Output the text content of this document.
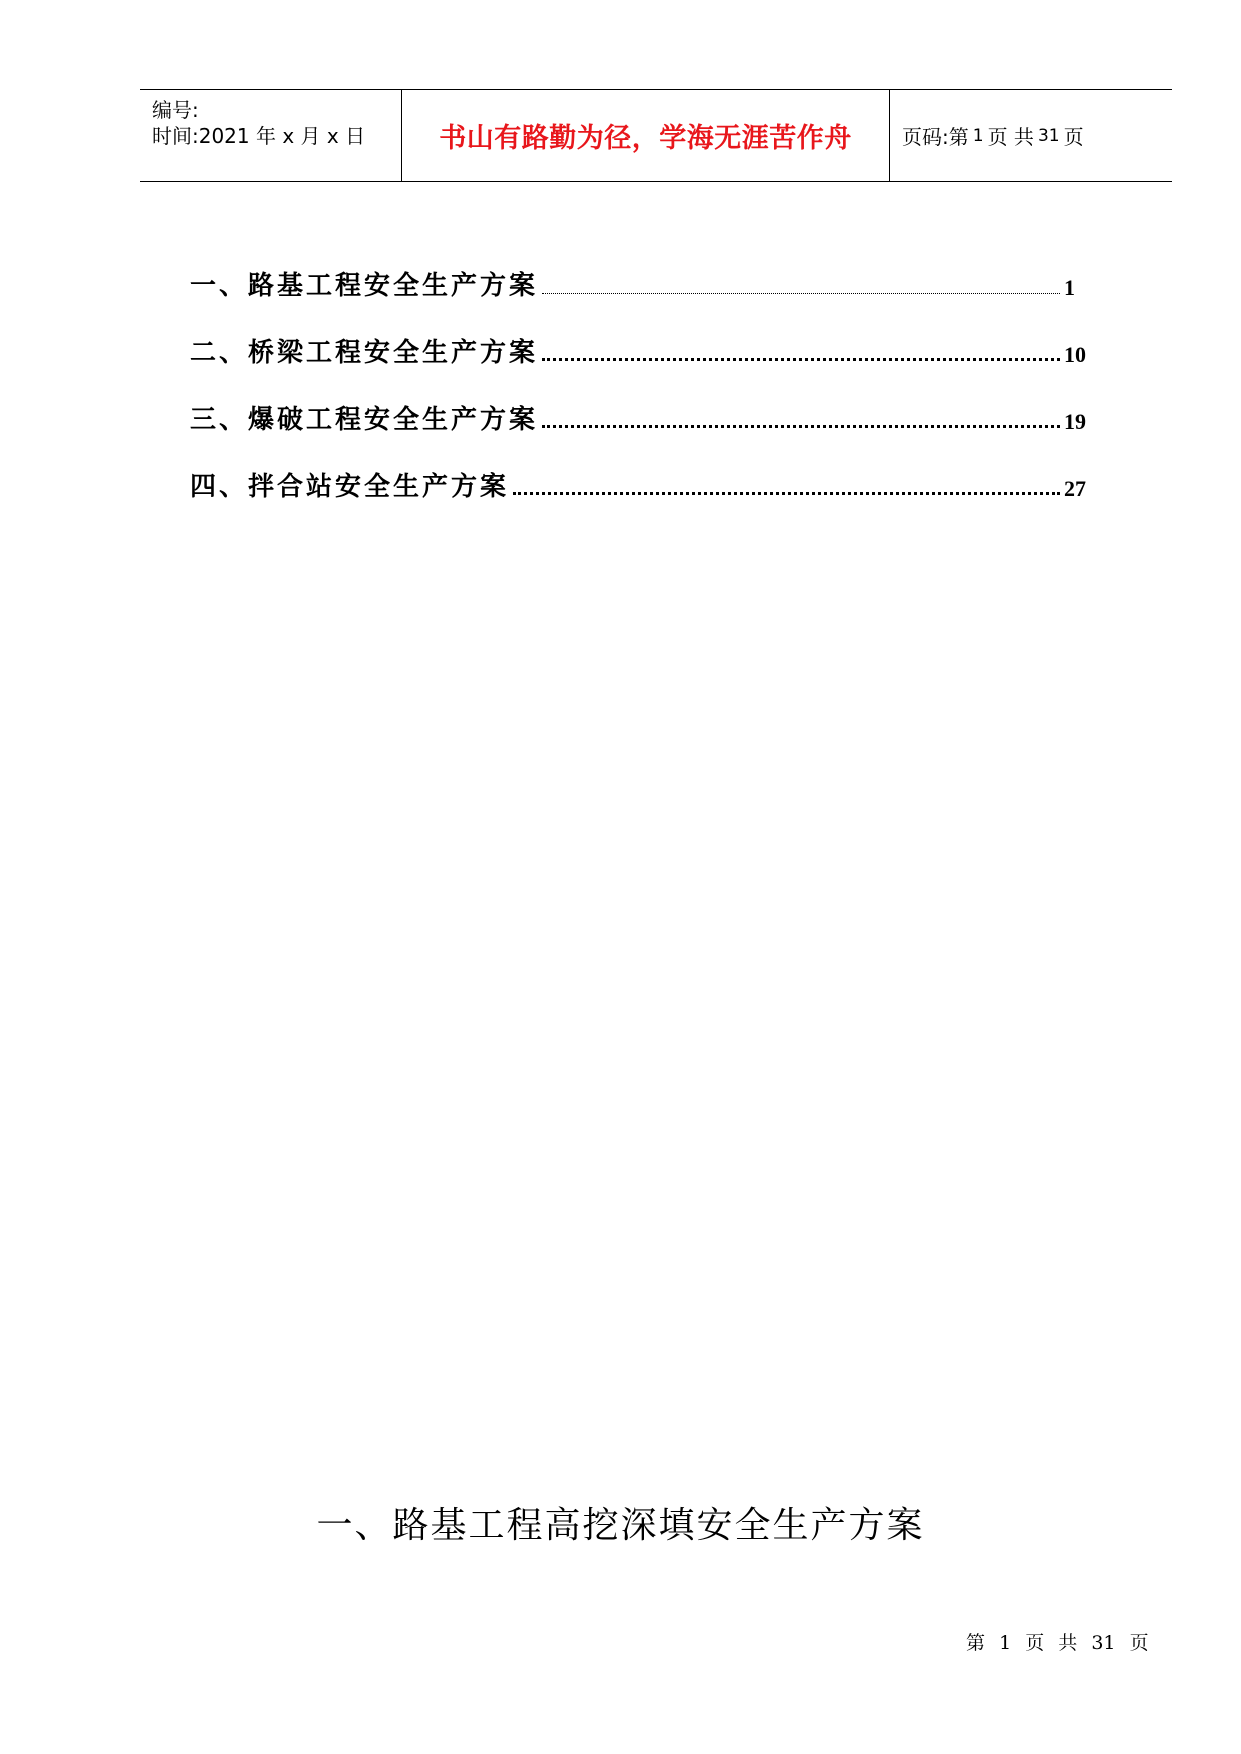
编号:
时间:2021 年 x 月 x 日	书山有路勤为径，学海无涯苦作舟	页码:第 1 页 共 31 页
一、路基工程安全生产方案	1
二、桥梁工程安全生产方案	10
三、爆破工程安全生产方案	19
四、拌合站安全生产方案	27
一、路基工程高挖深填安全生产方案
第 1 页 共 31 页
